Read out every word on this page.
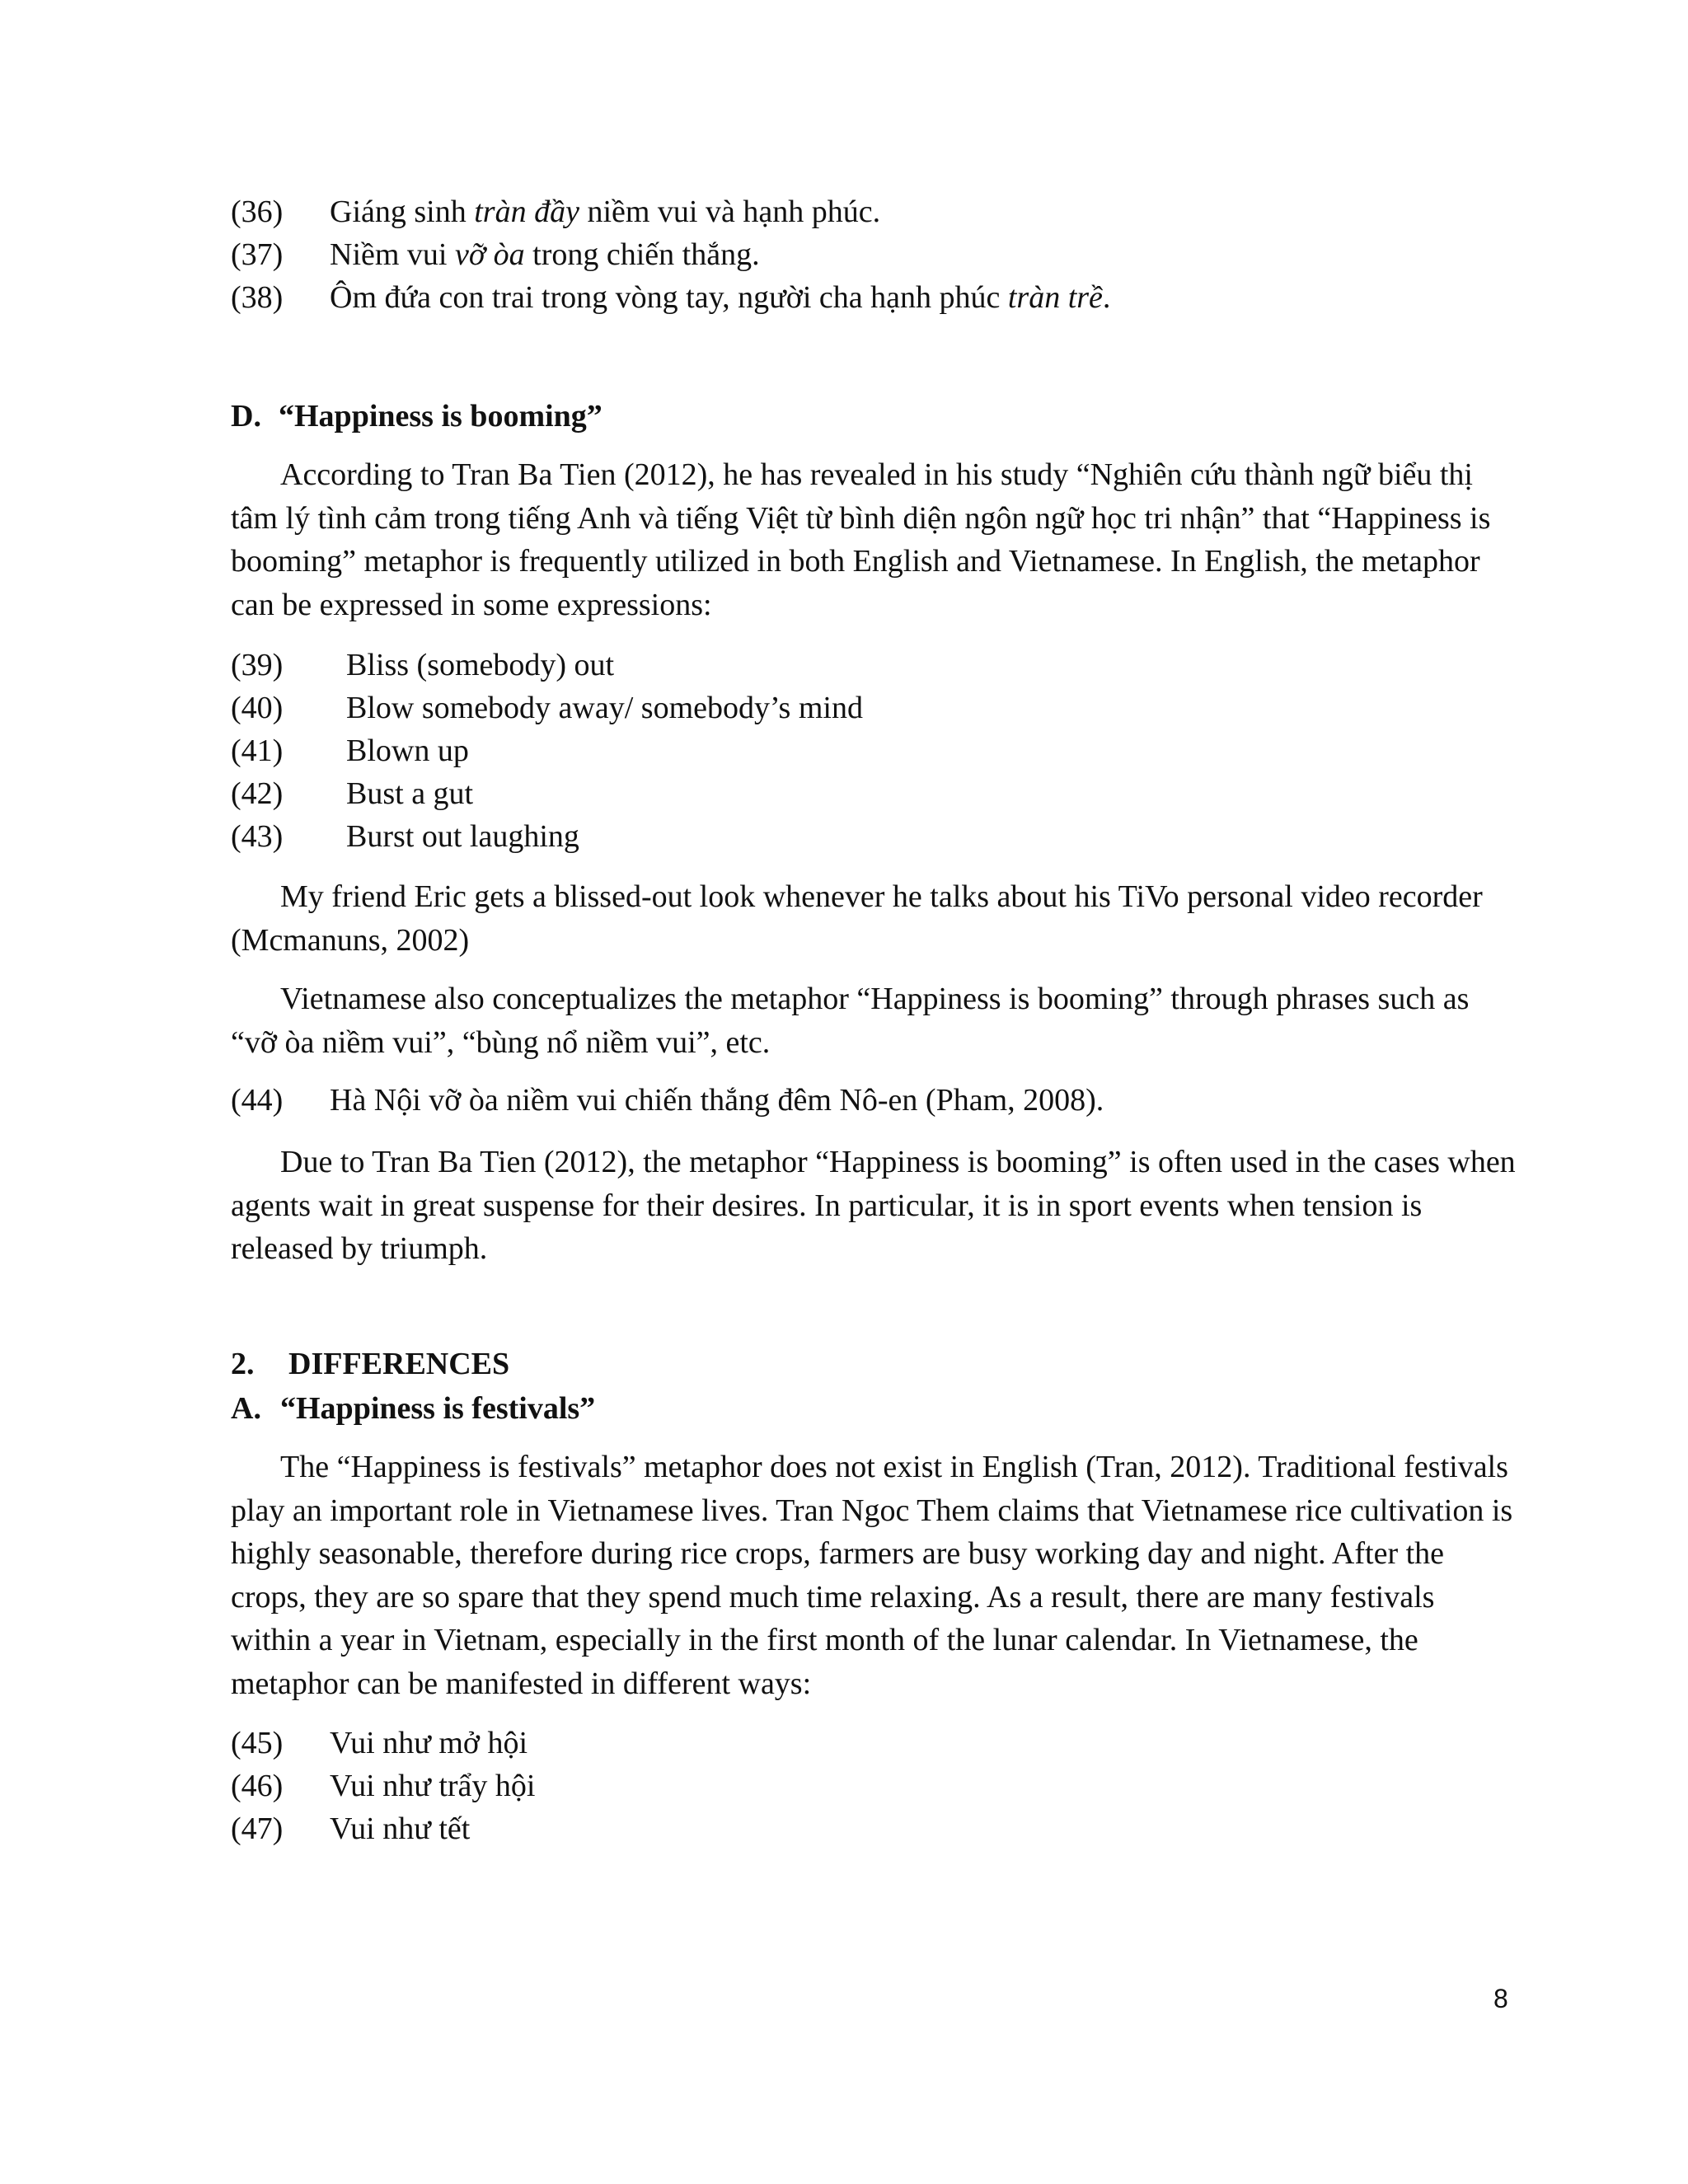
(36) Giáng sinh tràn đầy niềm vui và hạnh phúc.
(37) Niềm vui vỡ òa trong chiến thắng.
(38) Ôm đứa con trai trong vòng tay, người cha hạnh phúc tràn trề.
D. “Happiness is booming”

According to Tran Ba Tien (2012), he has revealed in his study “Nghiên cứu thành ngữ biểu thị tâm lý tình cảm trong tiếng Anh và tiếng Việt từ bình diện ngôn ngữ học tri nhận” that “Happiness is booming” metaphor is frequently utilized in both English and Vietnamese. In English, the metaphor can be expressed in some expressions:

(39) Bliss (somebody) out
(40) Blow somebody away/ somebody’s mind
(41) Blown up
(42) Bust a gut
(43) Burst out laughing

My friend Eric gets a blissed-out look whenever he talks about his TiVo personal video recorder (Mcmanuns, 2002)

Vietnamese also conceptualizes the metaphor “Happiness is booming” through phrases such as “vỡ òa niềm vui”, “bùng nổ niềm vui”, etc.

(44) Hà Nội vỡ òa niềm vui chiến thắng đêm Nô-en (Pham, 2008).

Due to Tran Ba Tien (2012), the metaphor “Happiness is booming” is often used in the cases when agents wait in great suspense for their desires. In particular, it is in sport events when tension is released by triumph.

2. DIFFERENCES
A. “Happiness is festivals”

The “Happiness is festivals” metaphor does not exist in English (Tran, 2012). Traditional festivals play an important role in Vietnamese lives. Tran Ngoc Them claims that Vietnamese rice cultivation is highly seasonable, therefore during rice crops, farmers are busy working day and night. After the crops, they are so spare that they spend much time relaxing. As a result, there are many festivals within a year in Vietnam, especially in the first month of the lunar calendar. In Vietnamese, the metaphor can be manifested in different ways:

(45) Vui như mở hội
(46) Vui như trẩy hội
(47) Vui như tết
8
